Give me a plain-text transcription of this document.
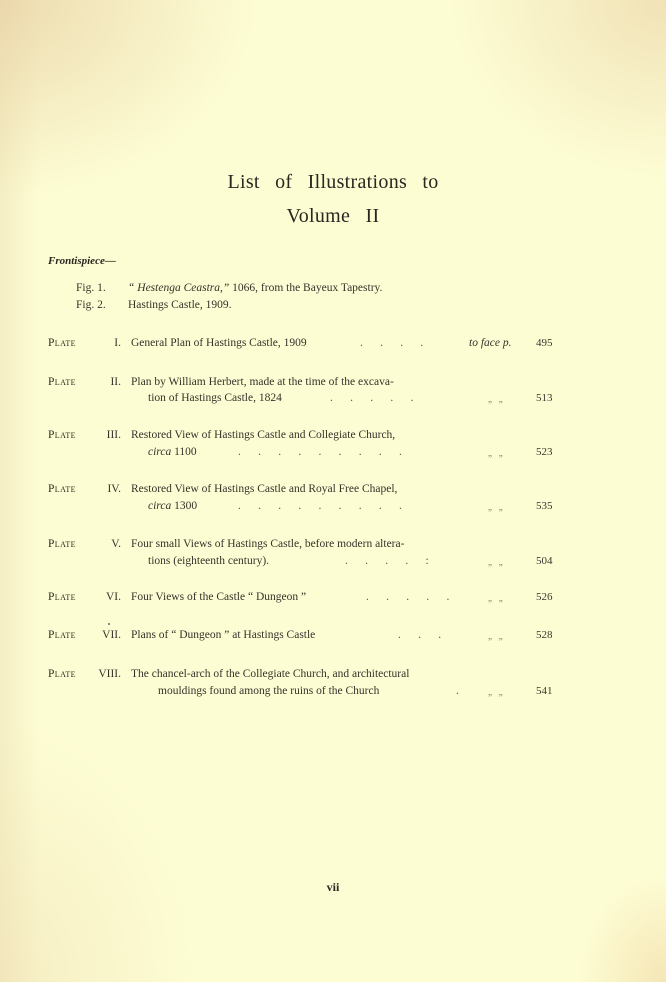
List of Illustrations to
Volume II
Frontispiece—
Fig. 1. “ Hestenga Ceastra,” 1066, from the Bayeux Tapestry.
Fig. 2. Hastings Castle, 1909.
Plate	I. General Plan of Hastings Castle, 1909	.      .      .      .	to face p. 495
Plate	II. Plan by William Herbert, made at the time of the excava-
tion of Hastings Castle, 1824	.      .      .      .      .	„   „	513
Plate	III. Restored View of Hastings Castle and Collegiate Church,
circa 1100	.      .      .      .      .      .      .      .      .	„   „	523
Plate	IV. Restored View of Hastings Castle and Royal Free Chapel,
circa 1300	.      .      .      .      .      .      .      .      .	„   „	535
Plate	V. Four small Views of Hastings Castle, before modern altera-
tions (eighteenth century).	.      .      .      .      :	„   „	504
Plate	VI. Four Views of the Castle “ Dungeon ”	.      .      .      .      .	„   „	526
Plate VII. Plans of “ Dungeon ” at Hastings Castle	.      .      .	„   „	528
Plate VIII. The chancel-arch of the Collegiate Church, and architectural
mouldings found among the ruins of the Church	.	„   „	541
vii
